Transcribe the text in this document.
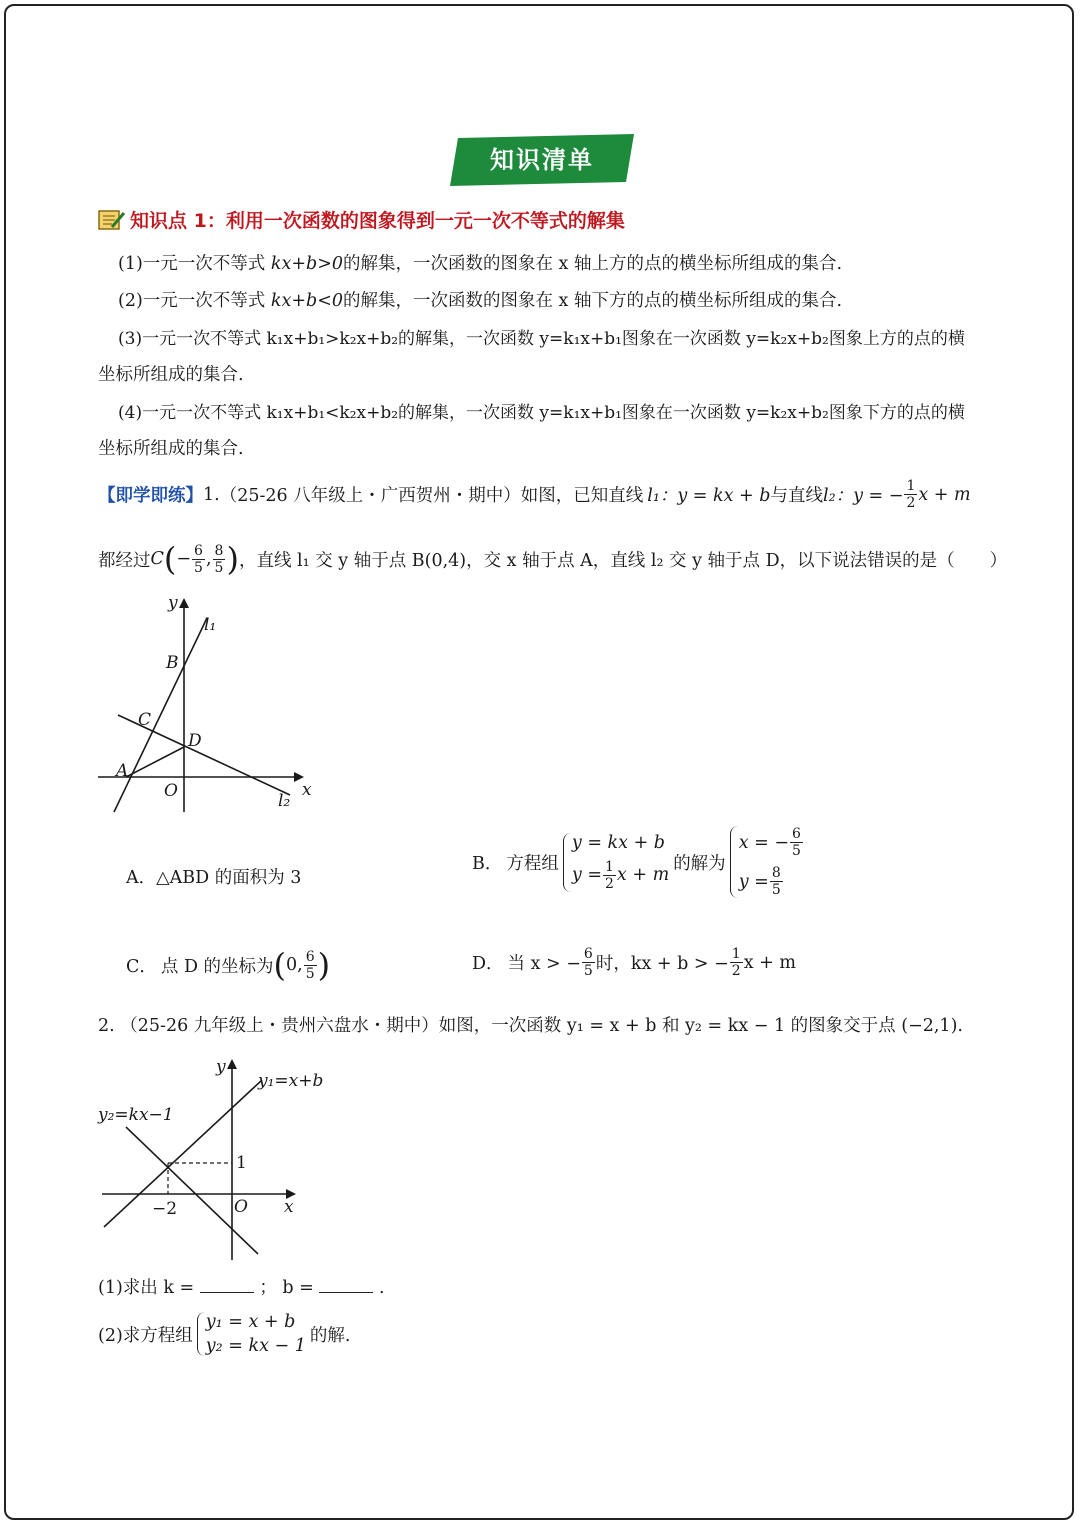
知识清单
知识点 1：利用一次函数的图象得到一元一次不等式的解集
(1)一元一次不等式 kx+b>0的解集，一次函数的图象在 x 轴上方的点的横坐标所组成的集合.
(2)一元一次不等式 kx+b<0的解集，一次函数的图象在 x 轴下方的点的横坐标所组成的集合.
(3)一元一次不等式 k₁x+b₁>k₂x+b₂的解集，一次函数 y=k₁x+b₁图象在一次函数 y=k₂x+b₂图象上方的点的横
坐标所组成的集合.
(4)一元一次不等式 k₁x+b₁<k₂x+b₂的解集，一次函数 y=k₁x+b₁图象在一次函数 y=k₂x+b₂图象下方的点的横
坐标所组成的集合.
【即学即练】 1. （25-26 八年级上・广西贺州・期中） 如图，已知直线 l₁：y = kx + b 与直线 l₂：y = − $\frac{1}{2}$ x + m
都经过 C ( − $\frac{6}{5}$ , $\frac{8}{5}$ ) ，直线 l₁ 交 y 轴于点 B(0,4)，交 x 轴于点 A，直线 l₂ 交 y 轴于点 D，以下说法错误的是（　　）
y
x
l₁
l₂
B
C
D
A
O
A． △ABD 的面积为 3
B． 方程组
y = kx + b
$y = \frac{1}{2}$ x + m
的解为
x = − $\frac{6}{5}$
$y = \frac{8}{5}$
C． 点 D 的坐标为 ( 0, $\frac{6}{5}$ )	D． 当 x > − $\frac{6}{5}$ 时，kx + b > − $\frac{1}{2}$ x + m
2. （25-26 九年级上・贵州六盘水・期中）如图，一次函数 y₁ = x + b 和 y₂ = kx − 1 的图象交于点 (−2,1).
y
x
y₁=x+b
y₂=kx−1
1
−2	O
(1)求出 k =	； b =	.
(2)求方程组
y₁ = x + b
y₂ = kx − 1
的解.
